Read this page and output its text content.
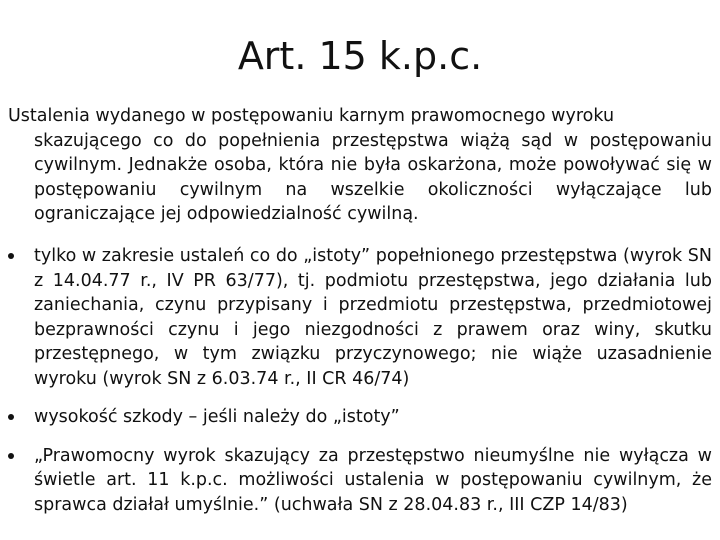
Art. 15 k.p.c.
Ustalenia wydanego w postępowaniu karnym prawomocnego wyroku
skazującego co do popełnienia przestępstwa wiążą sąd w postępowaniu cywilnym. Jednakże osoba, która nie była oskarżona, może powoływać się w postępowaniu cywilnym na wszelkie okoliczności wyłączające lub ograniczające jej odpowiedzialność cywilną.
tylko w zakresie ustaleń co do „istoty” popełnionego przestępstwa (wyrok SN z 14.04.77 r., IV PR 63/77), tj. podmiotu przestępstwa, jego działania lub zaniechania, czynu przypisany i przedmiotu przestępstwa, przedmiotowej bezprawności czynu i jego niezgodności z prawem oraz winy, skutku przestępnego, w tym związku przyczynowego; nie wiąże uzasadnienie wyroku (wyrok SN z 6.03.74 r., II CR 46/74)
wysokość szkody – jeśli należy do „istoty”
„Prawomocny wyrok skazujący za przestępstwo nieumyślne nie wyłącza w świetle art. 11 k.p.c. możliwości ustalenia w postępowaniu cywilnym, że sprawca działał umyślnie.” (uchwała SN z 28.04.83 r., III CZP 14/83)
